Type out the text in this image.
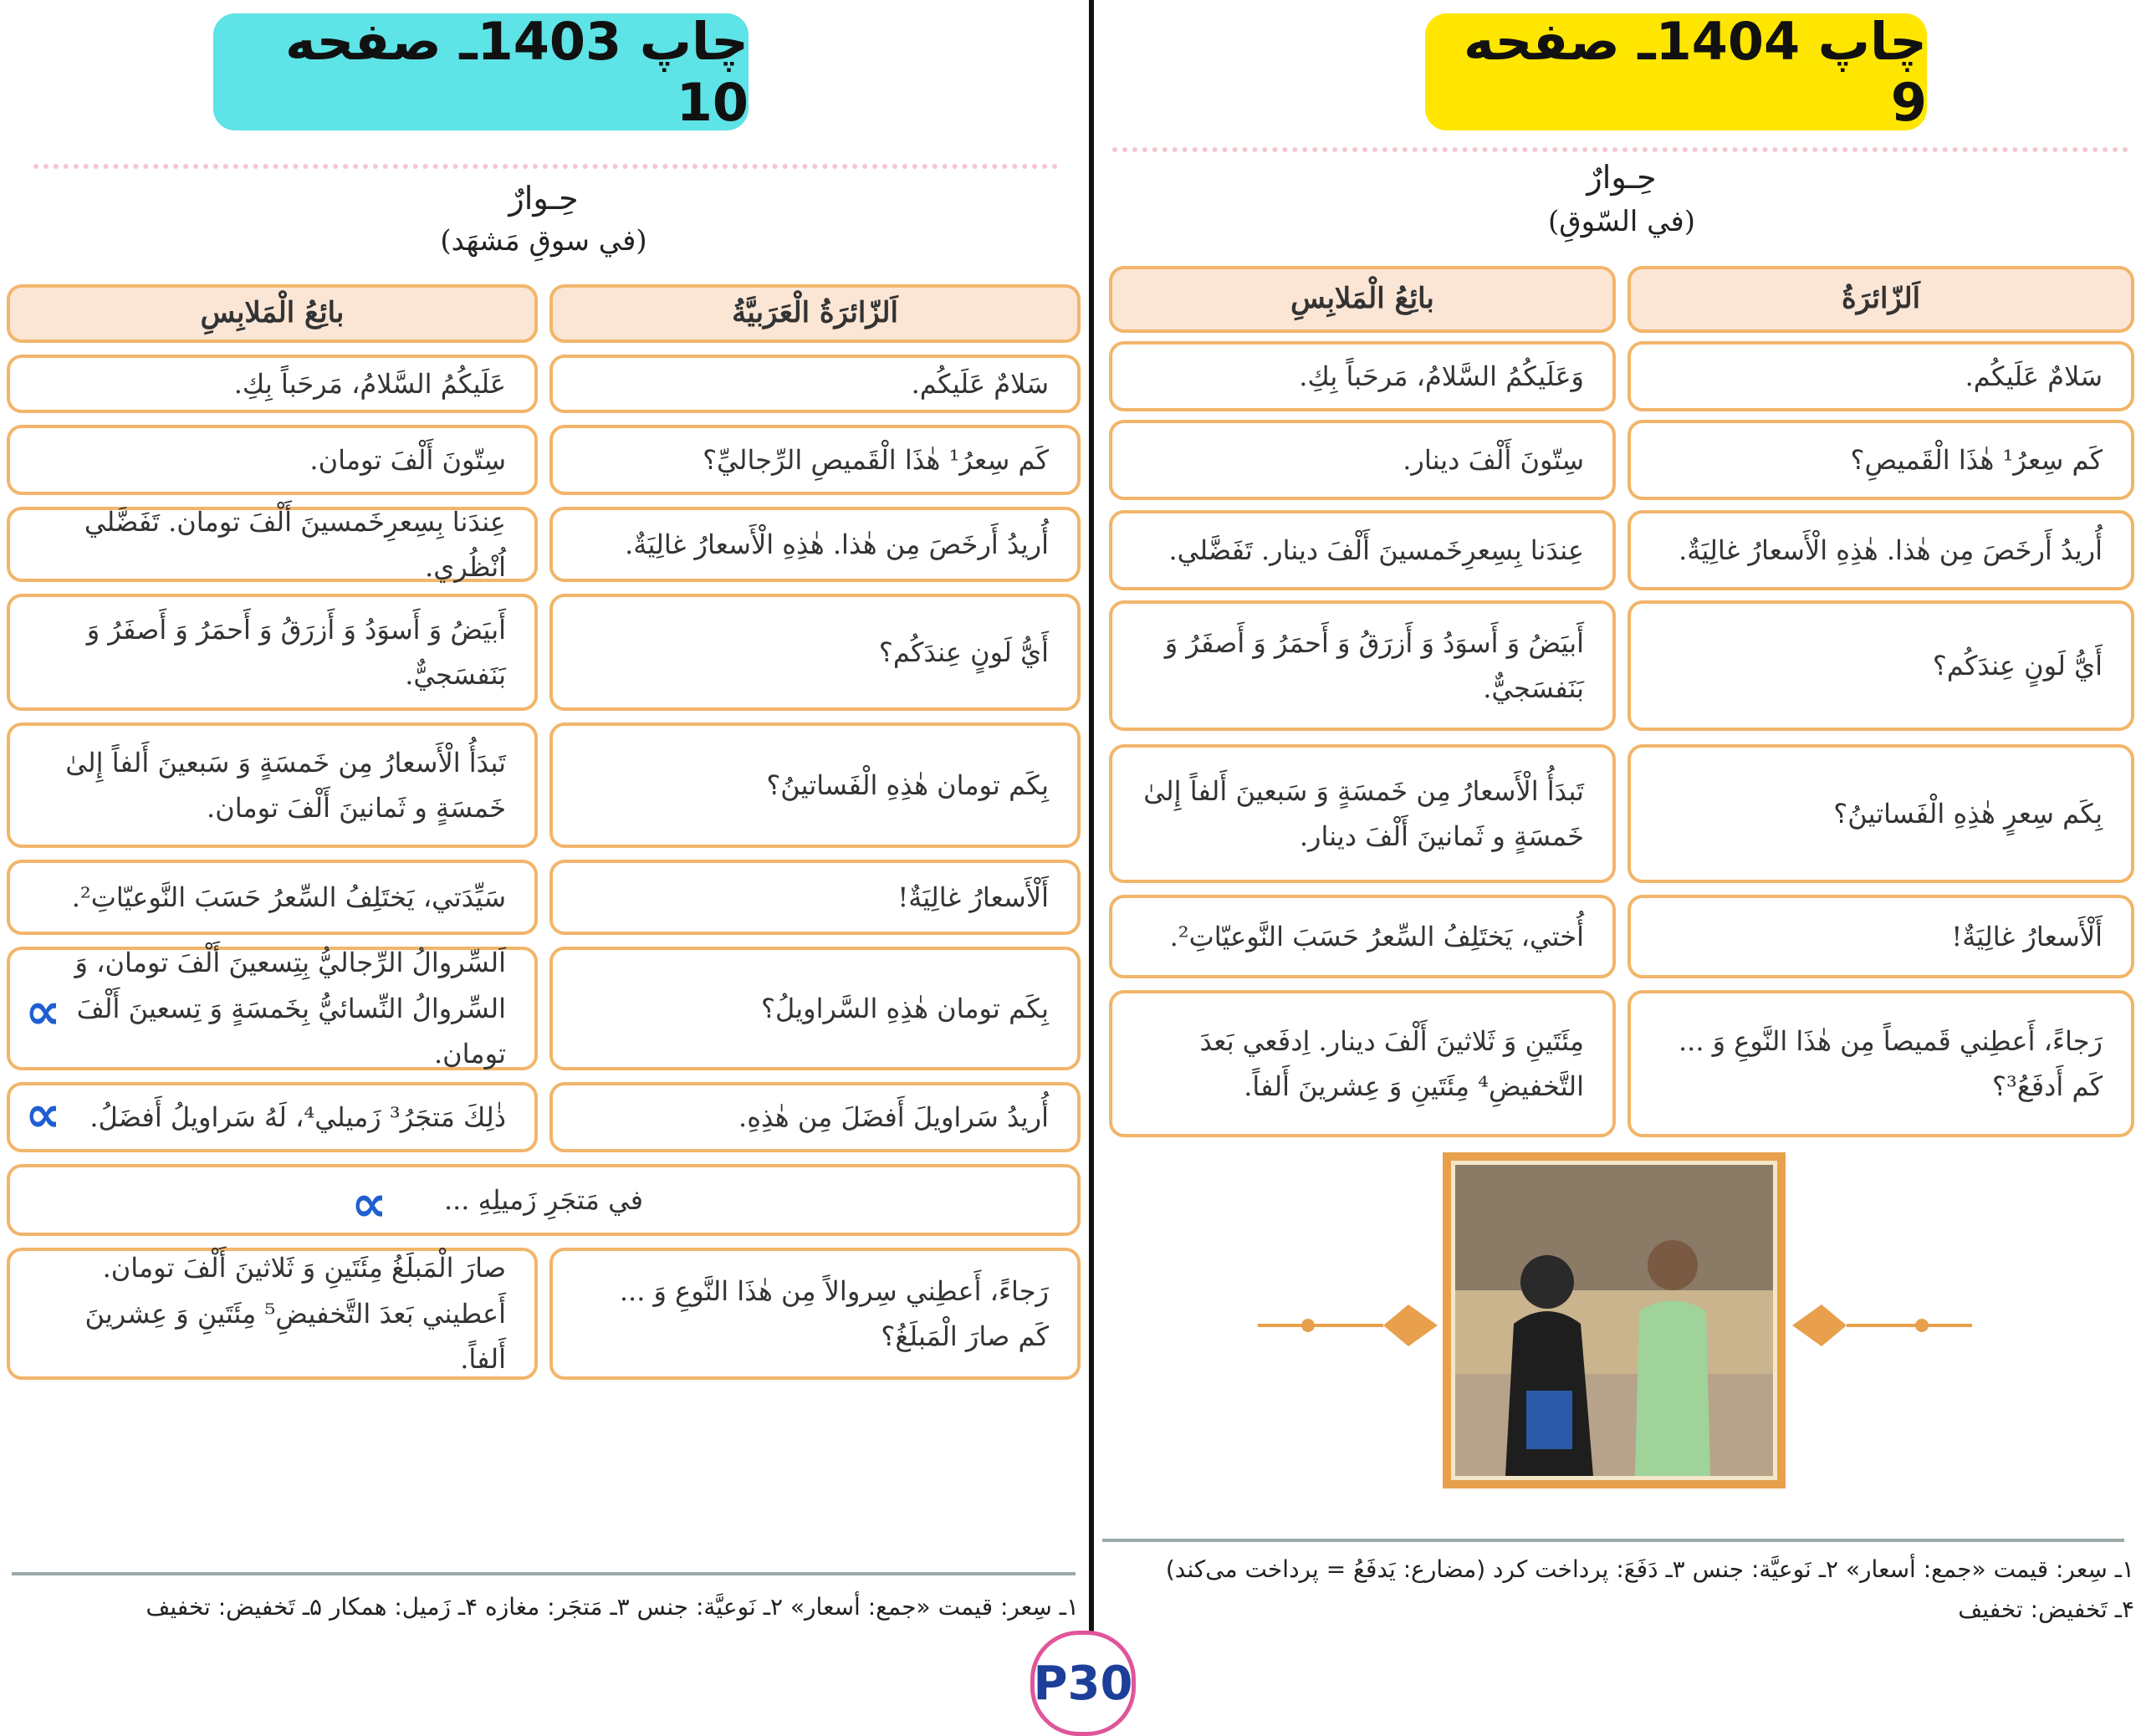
چاپ 1403ـ صفحه 10
حِـوارٌ
(في سوقِ مَشهَد)
اَلزّائرَةُ الْعَرَبیَّةُ
بائِعُ الْمَلابِسِ
سَلامٌ عَلَيكُم.
عَلَيكُمُ السَّلامُ، مَرحَباً بِكِ.
كَم سِعرُ¹ هٰذَا الْقَميصِ الرِّجاليِّ؟
سِتّونَ أَلْفَ تومان.
أُريدُ أَرخَصَ مِن هٰذا. هٰذِهِ الْأَسعارُ غالِيَةٌ.
عِندَنا بِسِعرِخَمسينَ أَلْفَ تومان. تَفَضَّلي اُنْظُري.
أَيُّ لَونٍ عِندَكُم؟
أَبيَضُ وَ أَسوَدُ وَ أَزرَقُ وَ أَحمَرُ وَ أَصفَرُ وَ بَنَفسَجيٌّ.
بِكَم تومان هٰذِهِ الْفَساتينُ؟
تَبدَأُ الْأَسعارُ مِن خَمسَةٍ وَ سَبعينَ أَلفاً إِلىٰ خَمسَةٍ و ثَمانينَ أَلْفَ تومان.
أَلْأَسعارُ غالِيَةٌ!
سَيِّدَتي، يَختَلِفُ السِّعرُ حَسَبَ النَّوعيّاتِ².
بِكَم تومان هٰذِهِ السَّراويلُ؟
اَلسِّروالُ الرِّجاليُّ بِتِسعينَ أَلْفَ تومان، وَ السِّروالُ النِّسائيُّ بِخَمسَةٍ وَ تِسعينَ أَلْفَ تومان.
أُريدُ سَراويلَ أَفضَلَ مِن هٰذِهِ.
ذٰلِكَ مَتجَرُ³ زَميلي⁴، لَهُ سَراويلُ أَفضَلُ.
في مَتجَرِ زَميلِهِ ...
رَجاءً، أَعطِني سِروالاً مِن هٰذَا النَّوعِ وَ ... كَم صارَ الْمَبلَغُ؟
صارَ الْمَبلَغُ مِئَتَينِ وَ ثَلاثينَ أَلْفَ تومان. أَعطيني بَعدَ التَّخفيضِ⁵ مِئَتَينِ وَ عِشرينَ أَلفاً.
∝
∝
∝
۱ـ سِعر: قیمت «جمع: أسعار» ۲ـ نَوعیَّة: جنس ۳ـ مَتجَر: مغازه ۴ـ زَمیل: همکار ۵ـ تَخفیض: تخفیف
چاپ 1404ـ صفحه 9
حِـوارٌ
(في السّوقِ)
اَلزّائرَةُ
بائِعُ الْمَلابِسِ
سَلامٌ عَلَيكُم.
وَعَلَيكُمُ السَّلامُ، مَرحَباً بِكِ.
كَم سِعرُ¹ هٰذَا الْقَميصِ؟
سِتّونَ أَلْفَ دينار.
أُريدُ أَرخَصَ مِن هٰذا. هٰذِهِ الْأَسعارُ غالِيَةٌ.
عِندَنا بِسِعرِخَمسينَ أَلْفَ دينار. تَفَضَّلي.
أَيُّ لَونٍ عِندَكُم؟
أَبيَضُ وَ أَسوَدُ وَ أَزرَقُ وَ أَحمَرُ وَ أَصفَرُ وَ بَنَفسَجيٌّ.
بِكَم سِعرٍ هٰذِهِ الْفَساتينُ؟
تَبدَأُ الْأَسعارُ مِن خَمسَةٍ وَ سَبعينَ أَلفاً إِلىٰ خَمسَةٍ و ثَمانينَ أَلْفَ دينار.
أَلْأَسعارُ غالِيَةٌ!
أُختي، يَختَلِفُ السِّعرُ حَسَبَ النَّوعيّاتِ².
رَجاءً، أَعطِني قَميصاً مِن هٰذَا النَّوعِ وَ ... كَم أَدفَعُ³؟
مِئَتَينِ وَ ثَلاثينَ أَلْفَ دينار. اِدفَعي بَعدَ التَّخفيضِ⁴ مِئَتَينِ وَ عِشرينَ أَلفاً.
۱ـ سِعر: قیمت «جمع: أسعار» ۲ـ نَوعیَّة: جنس ۳ـ دَفَعَ: پرداخت کرد (مضارع: یَدفَعُ = پرداخت می‌کند)
۴ـ تَخفیض: تخفیف
P30
